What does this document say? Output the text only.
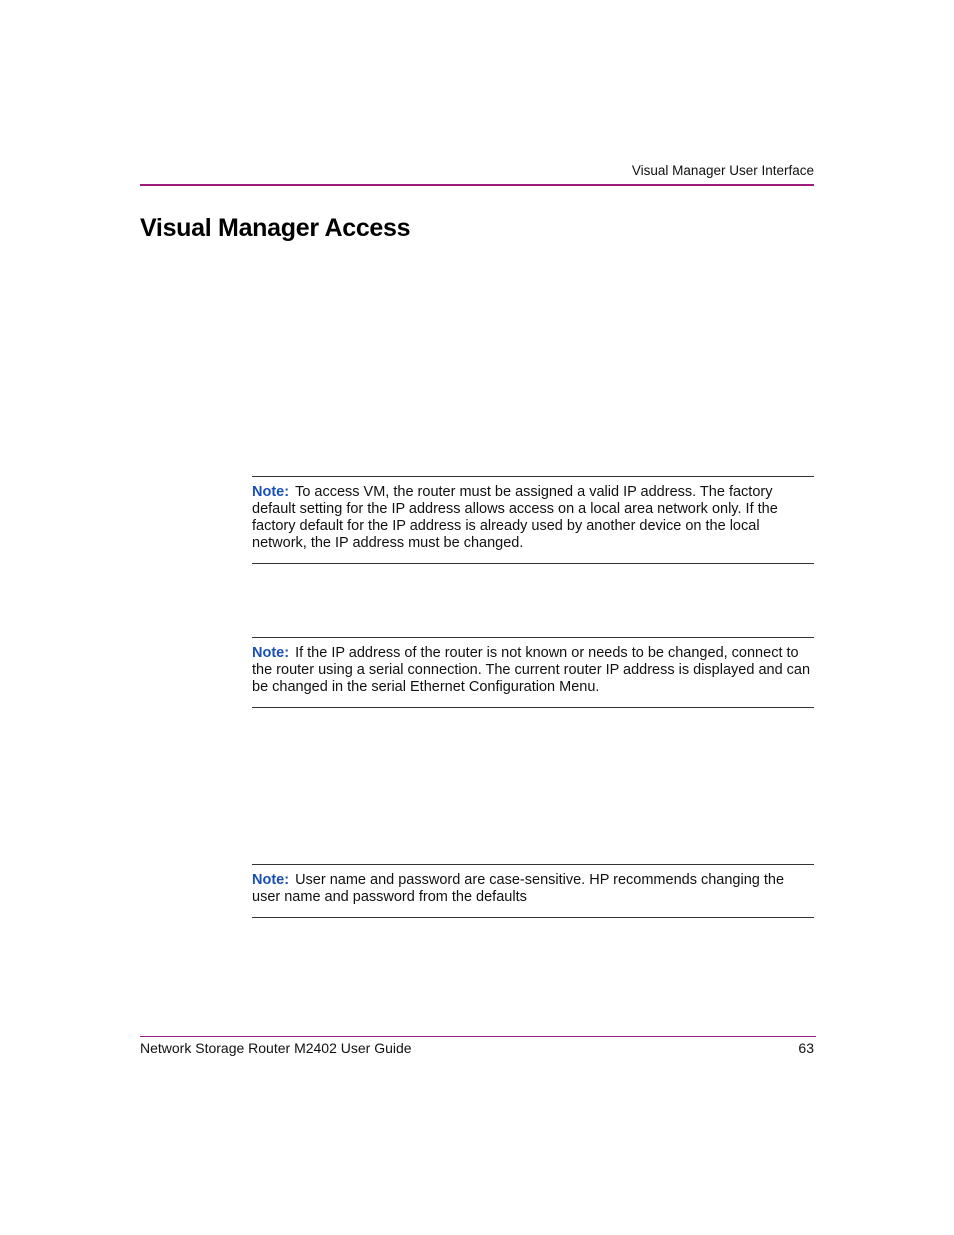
Visual Manager User Interface
Visual Manager Access

Note: To access VM, the router must be assigned a valid IP address. The factory default setting for the IP address allows access on a local area network only. If the factory default for the IP address is already used by another device on the local network, the IP address must be changed.

Note: If the IP address of the router is not known or needs to be changed, connect to the router using a serial connection. The current router IP address is displayed and can be changed in the serial Ethernet Configuration Menu.

Note: User name and password are case-sensitive. HP recommends changing the user name and password from the defaults

Network Storage Router M2402 User Guide	63
